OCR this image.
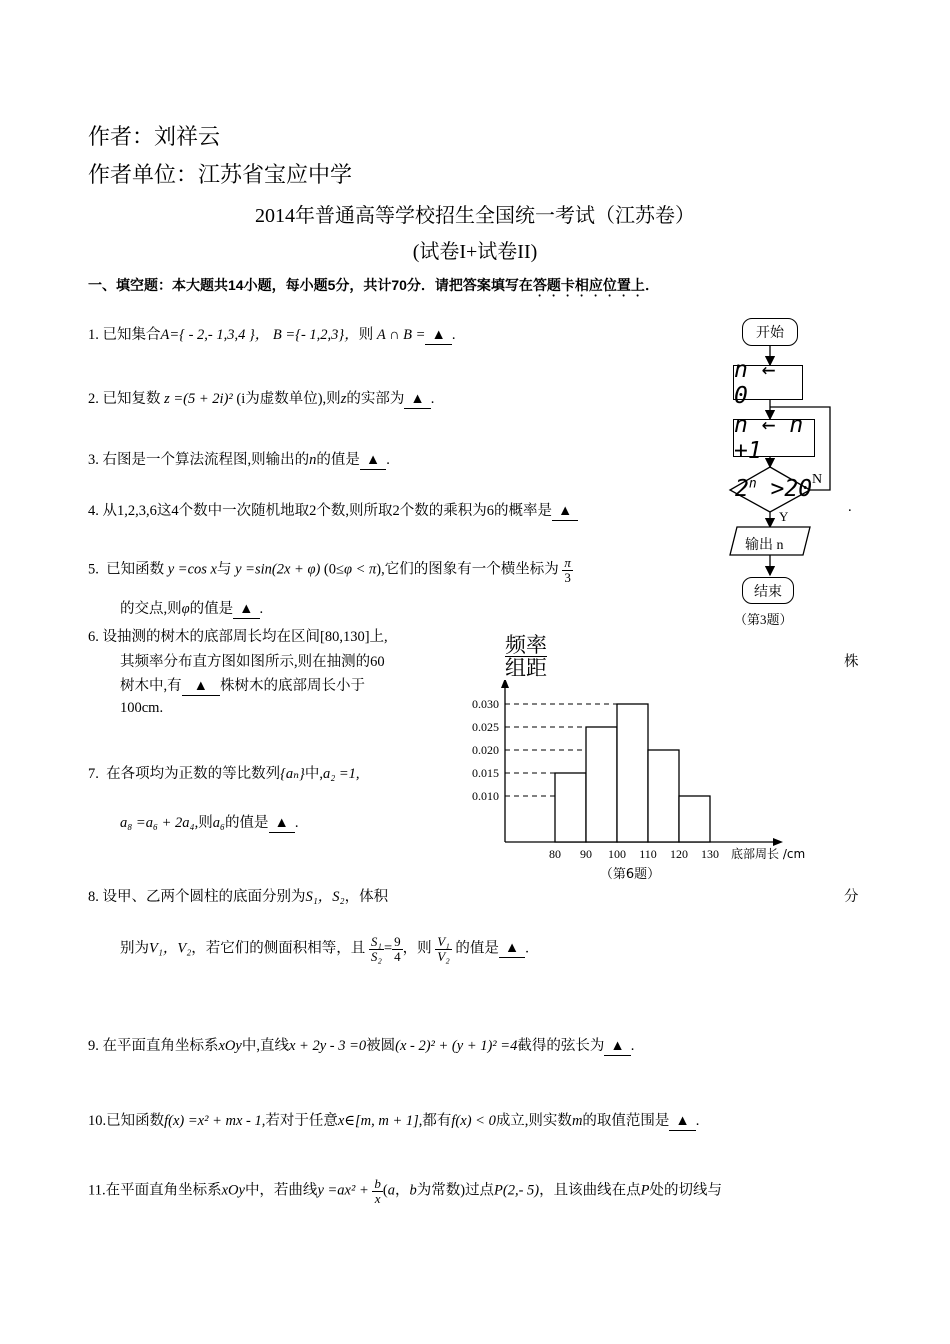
作者：刘祥云
作者单位：江苏省宝应中学
2014年普通高等学校招生全国统一考试（江苏卷）
(试卷I+试卷II)
一、填空题：本大题共14小题，每小题5分，共计70分．请把答案填写在答题卡相应位置上．
1. 已知集合A={ - 2,- 1,3,4 }， B ={- 1,2,3}，则 A ∩ B = ▲ .
2. 已知复数 z =(5 + 2i)² (i为虚数单位),则z的实部为 ▲ .
3. 右图是一个算法流程图,则输出的n的值是 ▲ .
4. 从1,2,3,6这4个数中一次随机地取2个数,则所取2个数的乘积为6的概率是 ▲	.
5. 已知函数 y =cos x与 y =sin(2x + φ) (0≤φ < π),它们的图象有一个横坐标为 $\frac{\pi}{3}$
的交点,则φ的值是 ▲ .
6. 设抽测的树木的底部周长均在区间[80,130]上,
其频率分布直方图如图所示,则在抽测的60
树木中,有 ▲ 株树木的底部周长小于
100cm.
株
7. 在各项均为正数的等比数列{aₙ}中,a₂ =1,
a₈ =a₆ + 2a₄,则a₆的值是 ▲ .
8. 设甲、乙两个圆柱的底面分别为S₁，S₂，体积	分
别为V₁，V₂，若它们的侧面积相等，且 $\frac{\text{S₁}}{\text{S₂}} = \frac{9}{4}$ ，则 $\frac{\text{V₁}}{\text{V₂}}$ 的值是 ▲ .
9. 在平面直角坐标系xOy中,直线x + 2y - 3 =0被圆(x - 2)² + (y + 1)² =4截得的弦长为 ▲ .
10.已知函数f(x) =x² + mx - 1,若对于任意x∈[m, m + 1],都有f(x) < 0成立,则实数m的取值范围是 ▲ .
11.在平面直角坐标系xOy中，若曲线$y =ax^2 + \frac{b}{x} (a$，b为常数)过点P(2,- 5)，且该曲线在点P处的切线与
开始
n ← 0
n ← n +1
$2^n >20$ N
Y
输出 n
结束
（第3题）
频率
组距
0.010
0.015
0.020
0.025
0.030
80 90 100 110 120 130 底部周长 /cm
（第6题）
